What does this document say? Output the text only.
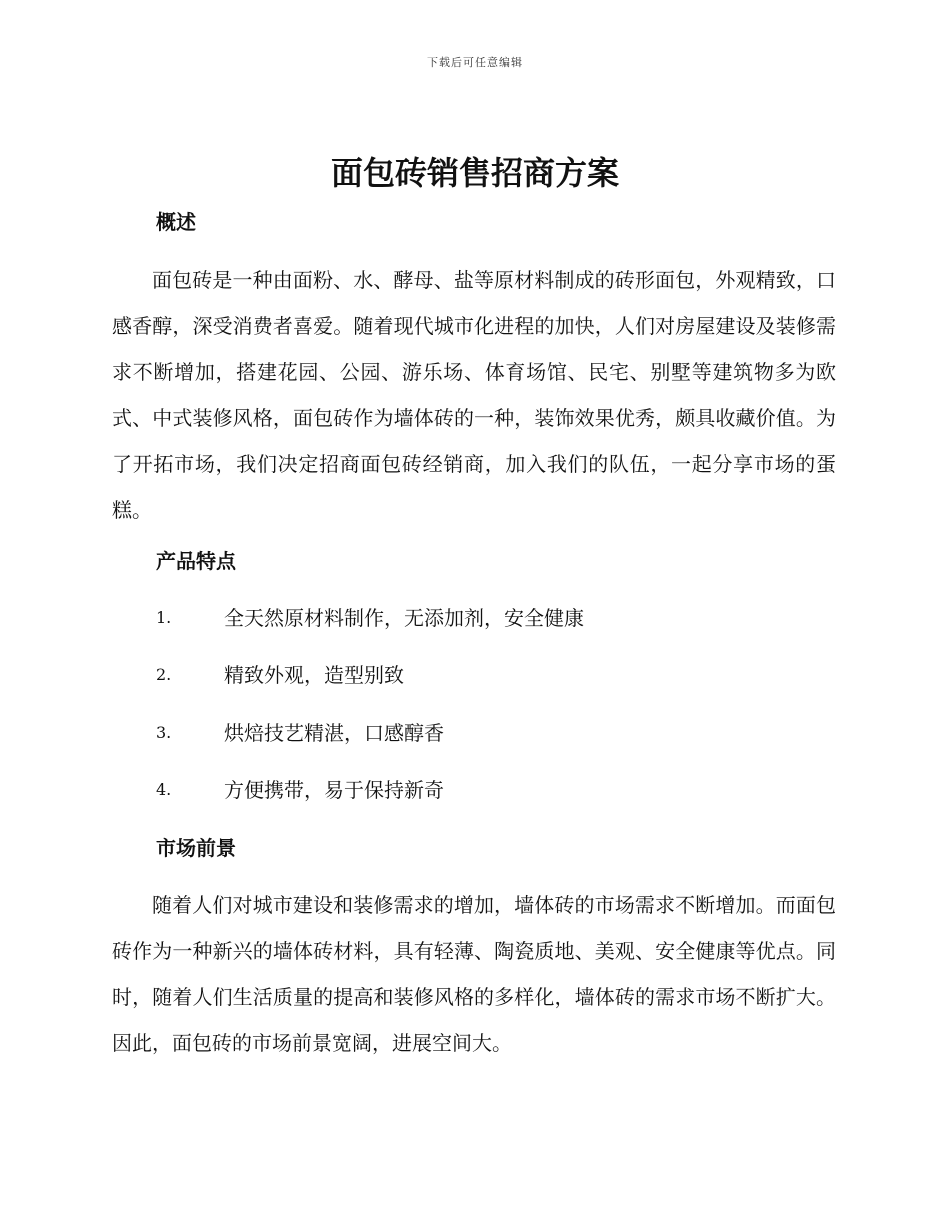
下载后可任意编辑
面包砖销售招商方案
概述

面包砖是一种由面粉、水、酵母、盐等原材料制成的砖形面包，外观精致，口感香醇，深受消费者喜爱。随着现代城市化进程的加快，人们对房屋建设及装修需求不断增加，搭建花园、公园、游乐场、体育场馆、民宅、别墅等建筑物多为欧式、中式装修风格，面包砖作为墙体砖的一种，装饰效果优秀，颇具收藏价值。为了开拓市场，我们决定招商面包砖经销商，加入我们的队伍，一起分享市场的蛋糕。

产品特点
1.	全天然原材料制作，无添加剂，安全健康
2.	精致外观，造型别致
3.	烘焙技艺精湛，口感醇香
4.	方便携带，易于保持新奇
市场前景

随着人们对城市建设和装修需求的增加，墙体砖的市场需求不断增加。而面包砖作为一种新兴的墙体砖材料，具有轻薄、陶瓷质地、美观、安全健康等优点。同时，随着人们生活质量的提高和装修风格的多样化，墙体砖的需求市场不断扩大。因此，面包砖的市场前景宽阔，进展空间大。
